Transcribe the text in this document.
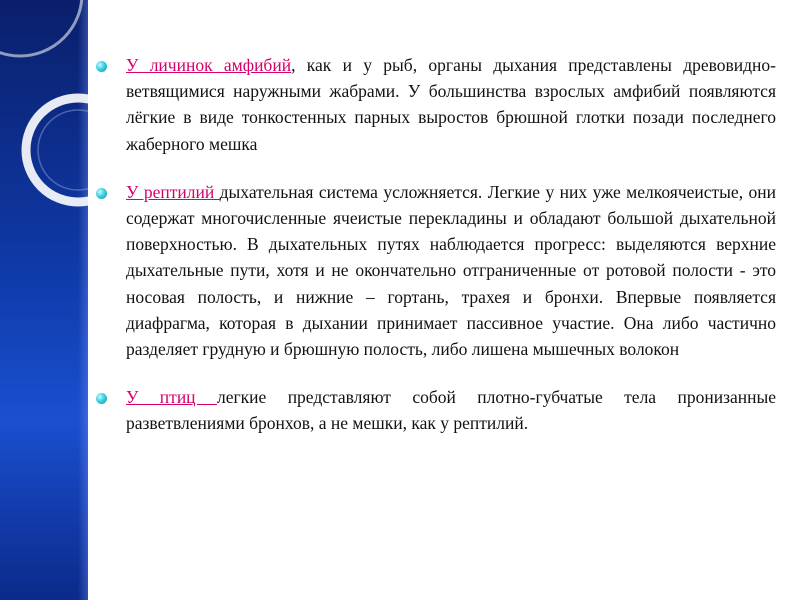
У личинок амфибий, как и у рыб, органы дыхания представлены древовидно-ветвящимися наружными жабрами. У большинства взрослых амфибий появляются лёгкие в виде тонкостенных парных выростов брюшной глотки позади последнего жаберного мешка

У рептилий дыхательная система усложняется. Легкие у них уже мелкоячеистые, они содержат многочисленные ячеистые перекладины и обладают большой дыхательной поверхностью. В дыхательных путях наблюдается прогресс: выделяются верхние дыхательные пути, хотя и не окончательно отграниченные от ротовой полости - это носовая полость, и нижние – гортань, трахея и бронхи. Впервые появляется диафрагма, которая в дыхании принимает пассивное участие. Она либо частично разделяет грудную и брюшную полость, либо лишена мышечных волокон

У птиц легкие представляют собой плотно-губчатые тела пронизанные разветвлениями бронхов, а не мешки, как у рептилий.
